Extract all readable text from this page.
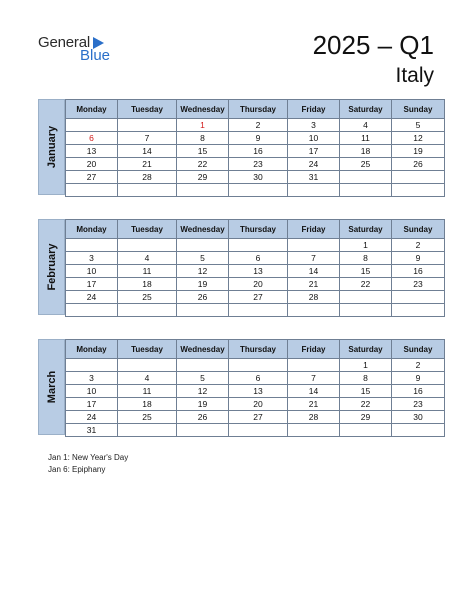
General
Blue	2025 – Q1
Italy
January
Monday	Tuesday	Wednesday	Thursday	Friday	Saturday	Sunday
		1	2	3	4	5
6	7	8	9	10	11	12
13	14	15	16	17	18	19
20	21	22	23	24	25	26
27	28	29	30	31		

February
Monday	Tuesday	Wednesday	Thursday	Friday	Saturday	Sunday
					1	2
3	4	5	6	7	8	9
10	11	12	13	14	15	16
17	18	19	20	21	22	23
24	25	26	27	28		

March
Monday	Tuesday	Wednesday	Thursday	Friday	Saturday	Sunday
					1	2
3	4	5	6	7	8	9
10	11	12	13	14	15	16
17	18	19	20	21	22	23
24	25	26	27	28	29	30
31						
Jan 1: New Year's Day
Jan 6: Epiphany
